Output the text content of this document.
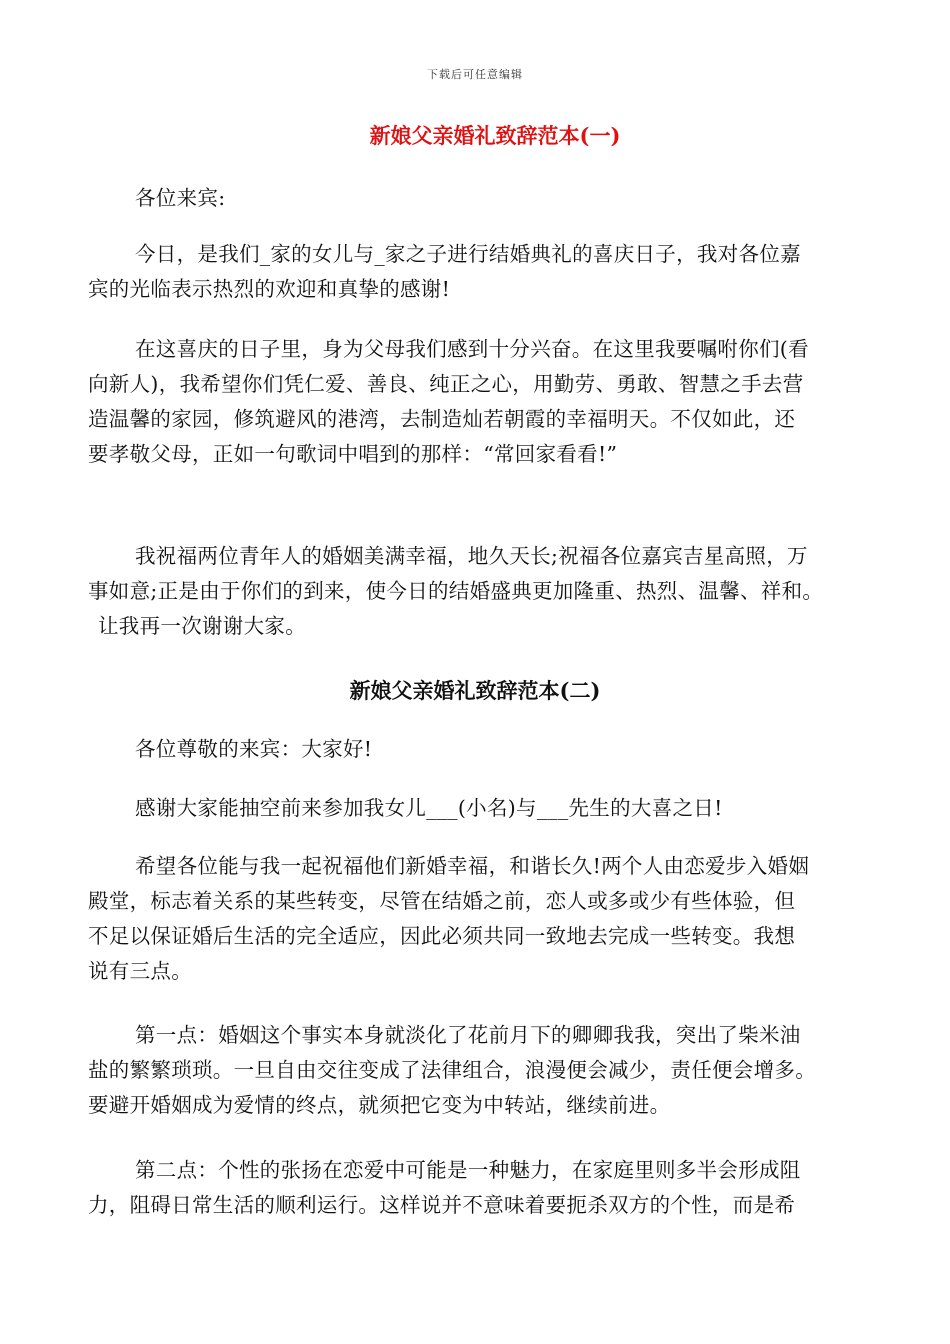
下载后可任意编辑
新娘父亲婚礼致辞范本(一)

各位来宾:

今日，是我们_家的女儿与_家之子进行结婚典礼的喜庆日子，我对各位嘉
宾的光临表示热烈的欢迎和真挚的感谢!

在这喜庆的日子里，身为父母我们感到十分兴奋。在这里我要嘱咐你们(看
向新人)，我希望你们凭仁爱、善良、纯正之心，用勤劳、勇敢、智慧之手去营
造温馨的家园，修筑避风的港湾，去制造灿若朝霞的幸福明天。不仅如此，还
要孝敬父母，正如一句歌词中唱到的那样：“常回家看看!”

我祝福两位青年人的婚姻美满幸福，地久天长;祝福各位嘉宾吉星高照，万
事如意;正是由于你们的到来，使今日的结婚盛典更加隆重、热烈、温馨、祥和。
让我再一次谢谢大家。

新娘父亲婚礼致辞范本(二)

各位尊敬的来宾：大家好!

感谢大家能抽空前来参加我女儿___(小名)与___先生的大喜之日!

希望各位能与我一起祝福他们新婚幸福，和谐长久!两个人由恋爱步入婚姻
殿堂，标志着关系的某些转变，尽管在结婚之前，恋人或多或少有些体验，但
不足以保证婚后生活的完全适应，因此必须共同一致地去完成一些转变。我想
说有三点。

第一点：婚姻这个事实本身就淡化了花前月下的卿卿我我，突出了柴米油
盐的繁繁琐琐。一旦自由交往变成了法律组合，浪漫便会减少，责任便会增多。
要避开婚姻成为爱情的终点，就须把它变为中转站，继续前进。

第二点：个性的张扬在恋爱中可能是一种魅力，在家庭里则多半会形成阻
力，阻碍日常生活的顺利运行。这样说并不意味着要扼杀双方的个性，而是希
